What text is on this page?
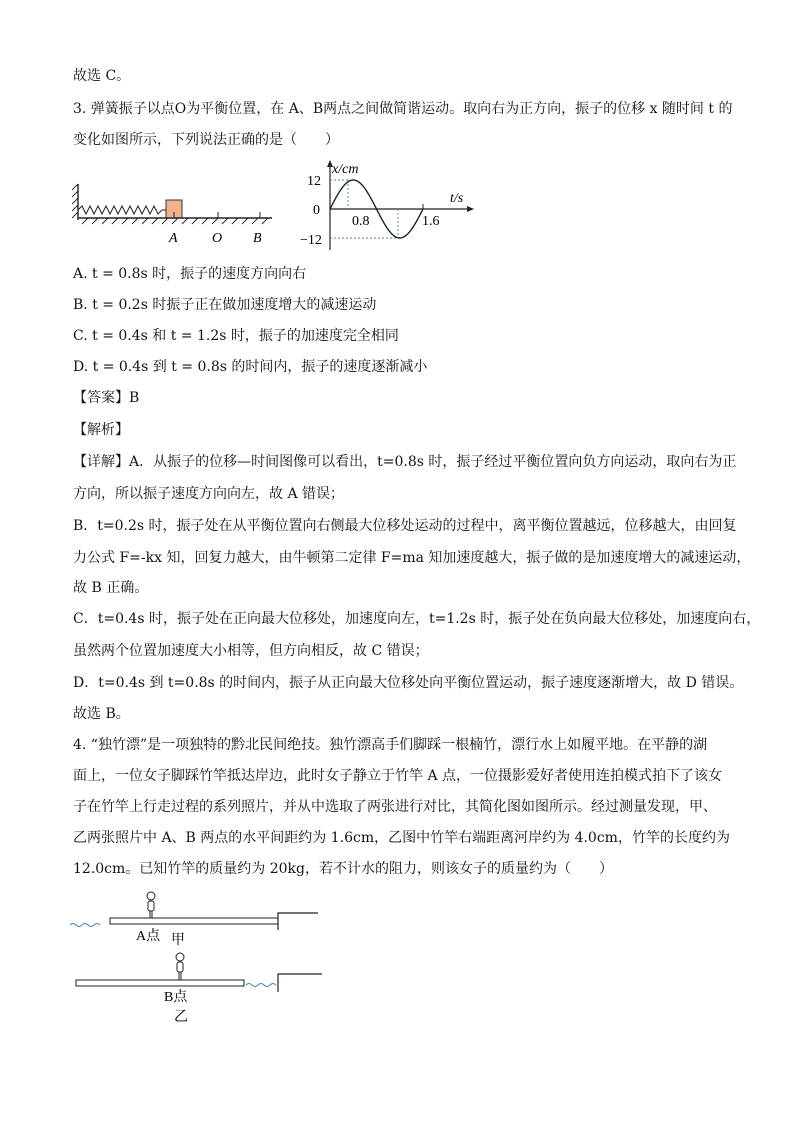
故选 C。
3. 弹簧振子以点O为平衡位置，在 A、B两点之间做简谐运动。取向右为正方向，振子的位移 x 随时间 t 的
变化如图所示，下列说法正确的是（　　）
A O B
x/cm
t/s
12
0
−12
0.8	1.6
A. t = 0.8s 时，振子的速度方向向右
B. t = 0.2s 时振子正在做加速度增大的减速运动
C. t = 0.4s 和 t = 1.2s 时，振子的加速度完全相同
D. t = 0.4s 到 t = 0.8s 的时间内，振子的速度逐渐减小
【答案】B
【解析】
【详解】A．从振子的位移—时间图像可以看出，t=0.8s 时，振子经过平衡位置向负方向运动，取向右为正
方向，所以振子速度方向向左，故 A 错误；
B．t=0.2s 时，振子处在从平衡位置向右侧最大位移处运动的过程中，离平衡位置越远，位移越大，由回复
力公式 F=-kx 知，回复力越大，由牛顿第二定律 F=ma 知加速度越大，振子做的是加速度增大的减速运动，
故 B 正确。
C．t=0.4s 时，振子处在正向最大位移处，加速度向左，t=1.2s 时，振子处在负向最大位移处，加速度向右，
虽然两个位置加速度大小相等，但方向相反，故 C 错误；
D．t=0.4s 到 t=0.8s 的时间内，振子从正向最大位移处向平衡位置运动，振子速度逐渐增大，故 D 错误。
故选 B。
4. “独竹漂”是一项独特的黔北民间绝技。独竹漂高手们脚踩一根楠竹，漂行水上如履平地。在平静的湖
面上，一位女子脚踩竹竿抵达岸边，此时女子静立于竹竿 A 点，一位摄影爱好者使用连拍模式拍下了该女
子在竹竿上行走过程的系列照片，并从中选取了两张进行对比，其简化图如图所示。经过测量发现，甲、
乙两张照片中 A、B 两点的水平间距约为 1.6cm，乙图中竹竿右端距离河岸约为 4.0cm，竹竿的长度约为
12.0cm。已知竹竿的质量约为 20kg，若不计水的阻力，则该女子的质量约为（　　）
A点 甲
B点
乙
